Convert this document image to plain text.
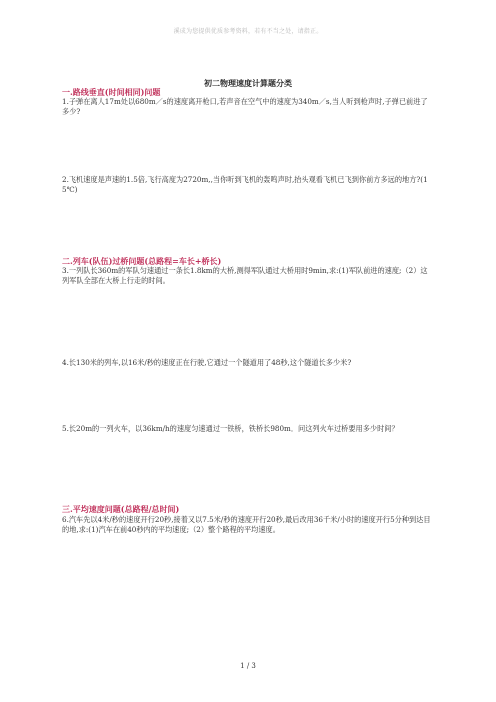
溪成为您提供优质参考资料，若有不当之处，请指正。
初二物理速度计算题分类
一.路线垂直(时间相同)问题
1.子弹在离人17m处以680m／s的速度离开枪口,若声音在空气中的速度为340m／s,当人听到枪声时,子弹已前进了多少?
2.飞机速度是声速的1.5倍,飞行高度为2720m,,当你听到飞机的轰鸣声时,抬头观看飞机已飞到你前方多远的地方?(15℃)
二.列车(队伍)过桥问题(总路程=车长+桥长)
3.一列队长360m的军队匀速通过一条长1.8km的大桥,测得军队通过大桥用时9min,求:(1)军队前进的速度;（2）这列军队全部在大桥上行走的时间。
4.长130米的列车,以16米/秒的速度正在行驶,它通过一个隧道用了48秒,这个隧道长多少米?
5.长20m的一列火车，以36km/h的速度匀速通过一铁桥，铁桥长980m．问这列火车过桥要用多少时间？
三.平均速度问题(总路程/总时间)
6.汽车先以4米/秒的速度开行20秒,接着又以7.5米/秒的速度开行20秒,最后改用36千米/小时的速度开行5分种到达目的地,求:(1)汽车在前40秒内的平均速度;（2）整个路程的平均速度。
1 / 3
